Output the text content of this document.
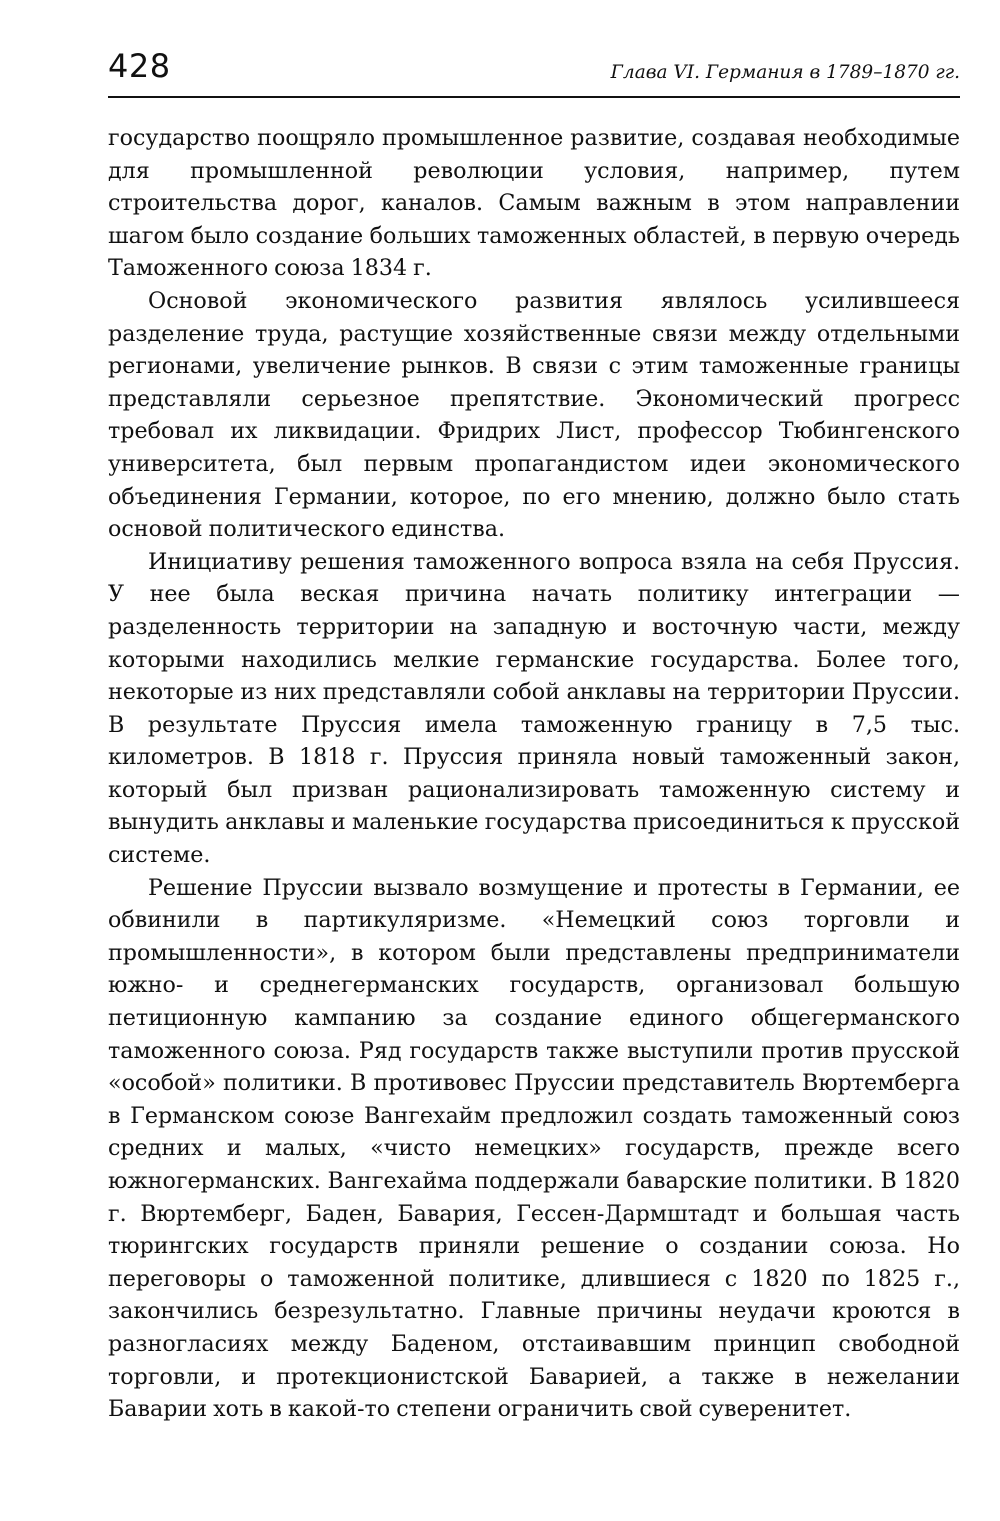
428	Глава VI. Германия в 1789–1870 гг.

государство поощряло промышленное развитие, создавая необходимые для промышленной революции условия, например, путем строительства дорог, каналов. Самым важным в этом направлении шагом было создание больших таможенных областей, в первую очередь Таможенного союза 1834 г.

Основой экономического развития являлось усилившееся разделение труда, растущие хозяйственные связи между отдельными регионами, увеличение рынков. В связи с этим таможенные границы представляли серьезное препятствие. Экономический прогресс требовал их ликвидации. Фридрих Лист, профессор Тюбингенского университета, был первым пропагандистом идеи экономического объединения Германии, которое, по его мнению, должно было стать основой политического единства.

Инициативу решения таможенного вопроса взяла на себя Пруссия. У нее была веская причина начать политику интеграции — разделенность территории на западную и восточную части, между которыми находились мелкие германские государства. Более того, некоторые из них представляли собой анклавы на территории Пруссии. В результате Пруссия имела таможенную границу в 7,5 тыс. километров. В 1818 г. Пруссия приняла новый таможенный закон, который был призван рационализировать таможенную систему и вынудить анклавы и маленькие государства присоединиться к прусской системе.

Решение Пруссии вызвало возмущение и протесты в Германии, ее обвинили в партикуляризме. «Немецкий союз торговли и промышленности», в котором были представлены предприниматели южно- и среднегерманских государств, организовал большую петиционную кампанию за создание единого общегерманского таможенного союза. Ряд государств также выступили против прусской «особой» политики. В противовес Пруссии представитель Вюртемберга в Германском союзе Вангехайм предложил создать таможенный союз средних и малых, «чисто немецких» государств, прежде всего южногерманских. Вангехайма поддержали баварские политики. В 1820 г. Вюртемберг, Баден, Бавария, Гессен-Дармштадт и большая часть тюрингских государств приняли решение о создании союза. Но переговоры о таможенной политике, длившиеся с 1820 по 1825 г., закончились безрезультатно. Главные причины неудачи кроются в разногласиях между Баденом, отстаивавшим принцип свободной торговли, и протекционистской Баварией, а также в нежелании Баварии хоть в какой-то степени ограничить свой суверенитет.
